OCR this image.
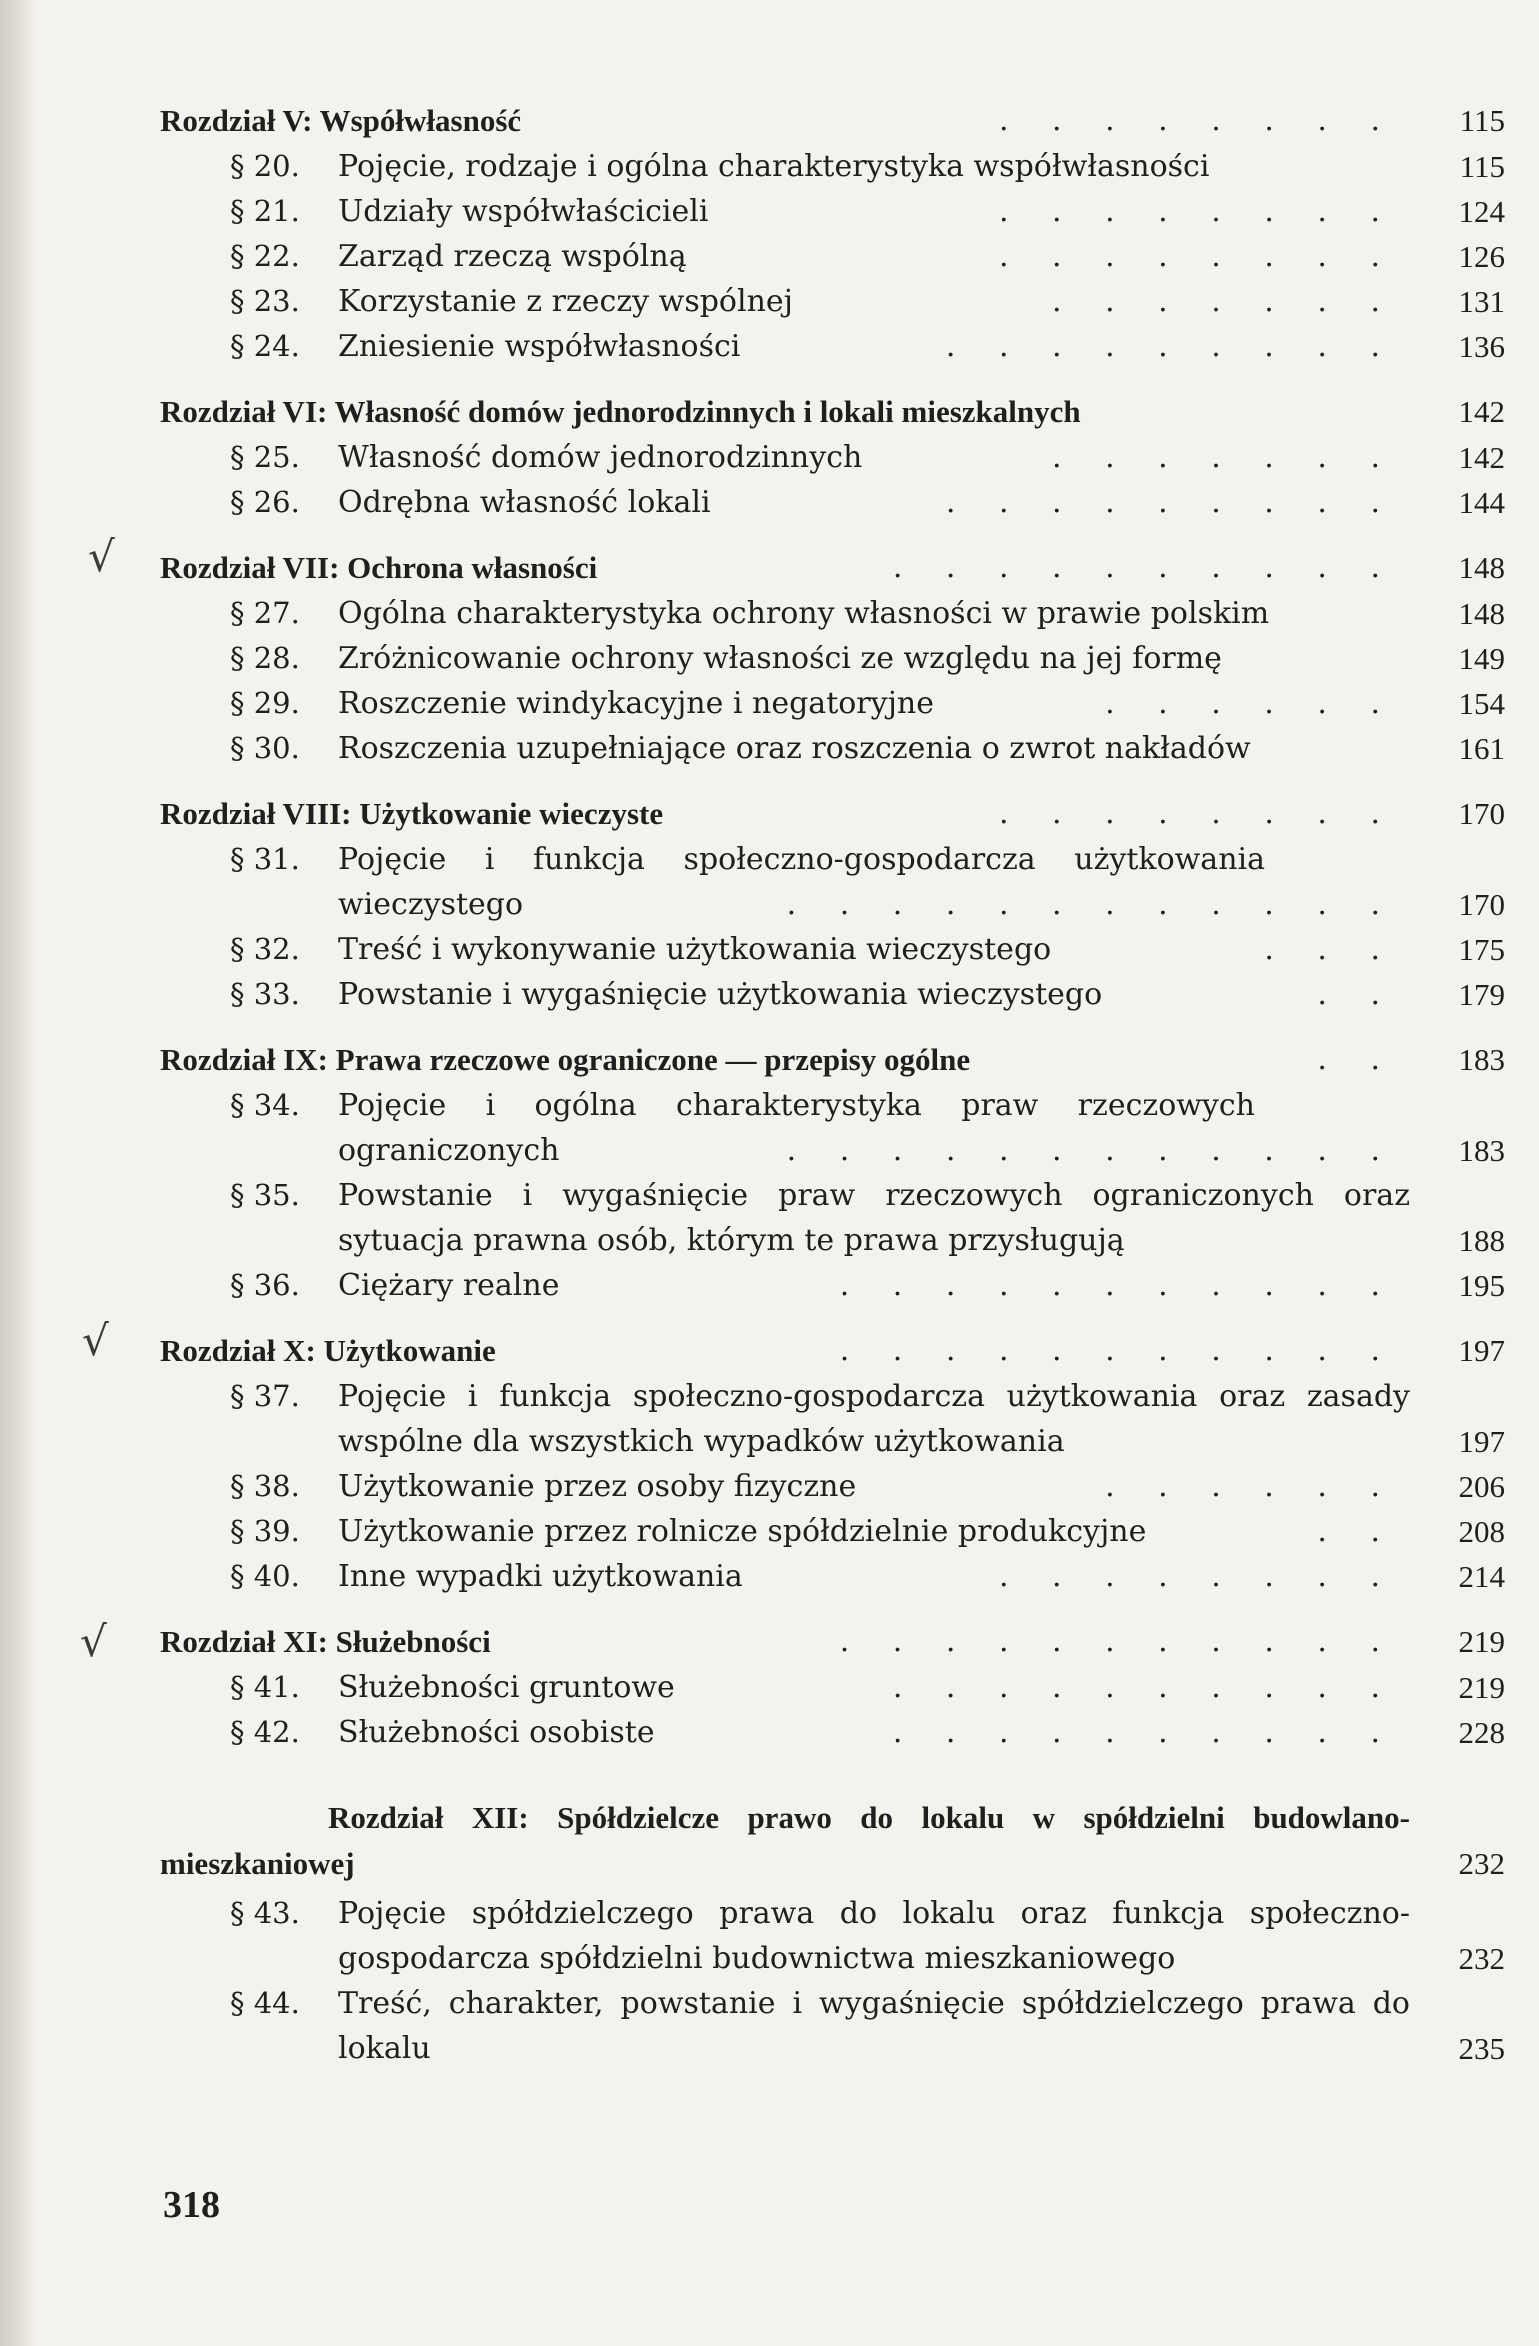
Rozdział V: Współwłasność	. . . . . . . .	115
§ 20.	Pojęcie, rodzaje i ogólna charakterystyka współwłasności	115
§ 21.	Udziały współwłaścicieli	. . . . . . . .	124
§ 22.	Zarząd rzeczą wspólną	. . . . . . . .	126
§ 23.	Korzystanie z rzeczy wspólnej	. . . . . . .	131
§ 24.	Zniesienie współwłasności	. . . . . . . . .	136
Rozdział VI: Własność domów jednorodzinnych i lokali mieszkalnych	142
§ 25.	Własność domów jednorodzinnych	. . . . . . .	142
§ 26.	Odrębna własność lokali	. . . . . . . . .	144
Rozdział VII: Ochrona własności	. . . . . . . . . .	148
§ 27.	Ogólna charakterystyka ochrony własności w prawie polskim	148
§ 28.	Zróżnicowanie ochrony własności ze względu na jej formę	149
§ 29.	Roszczenie windykacyjne i negatoryjne	. . . . . .	154
§ 30.	Roszczenia uzupełniające oraz roszczenia o zwrot nakładów	161
Rozdział VIII: Użytkowanie wieczyste	. . . . . . . .	170
§ 31.	Pojęcie i funkcja społeczno-gospodarcza użytkowania wieczystego	. . . . . . . . . . . .	170
§ 32.	Treść i wykonywanie użytkowania wieczystego	. . .	175
§ 33.	Powstanie i wygaśnięcie użytkowania wieczystego	. .	179
Rozdział IX: Prawa rzeczowe ograniczone — przepisy ogólne	. .	183
§ 34.	Pojęcie i ogólna charakterystyka praw rzeczowych ograniczonych	. . . . . . . . . . . .	183
§ 35.	Powstanie i wygaśnięcie praw rzeczowych ograniczonych oraz sytuacja prawna osób, którym te prawa przysługują	188
§ 36.	Ciężary realne	. . . . . . . . . . .	195
Rozdział X: Użytkowanie	. . . . . . . . . . .	197
§ 37.	Pojęcie i funkcja społeczno-gospodarcza użytkowania oraz zasady wspólne dla wszystkich wypadków użytkowania	197
§ 38.	Użytkowanie przez osoby fizyczne	. . . . . .	206
§ 39.	Użytkowanie przez rolnicze spółdzielnie produkcyjne	. .	208
§ 40.	Inne wypadki użytkowania	. . . . . . . .	214
Rozdział XI: Służebności	. . . . . . . . . . .	219
§ 41.	Służebności gruntowe	. . . . . . . . . .	219
§ 42.	Służebności osobiste	. . . . . . . . . .	228
Rozdział XII: Spółdzielcze prawo do lokalu w spółdzielni budowlano-mieszkaniowej	232
§ 43.	Pojęcie spółdzielczego prawa do lokalu oraz funkcja społeczno-gospodarcza spółdzielni budownictwa mieszkaniowego	232
§ 44.	Treść, charakter, powstanie i wygaśnięcie spółdzielczego prawa do lokalu	235
√
√
√
318
